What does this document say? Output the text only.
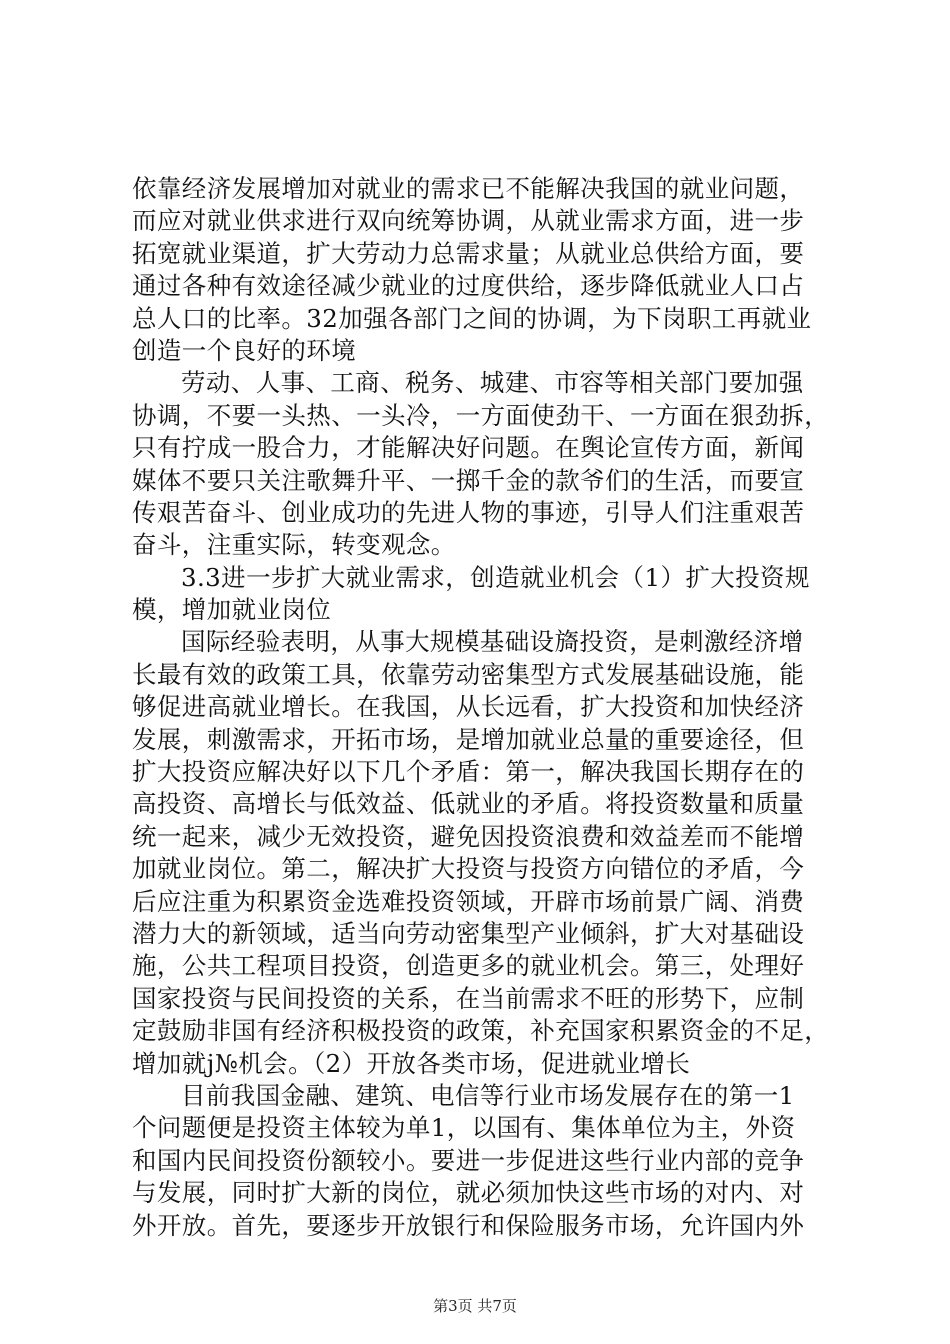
依靠经济发展增加对就业的需求已不能解决我国的就业问题，
而应对就业供求进行双向统筹协调，从就业需求方面，进一步
拓宽就业渠道，扩大劳动力总需求量；从就业总供给方面，要
通过各种有效途径减少就业的过度供给，逐步降低就业人口占
总人口的比率。32加强各部门之间的协调，为下岗职工再就业
创造一个良好的环境
劳动、人事、工商、税务、城建、市容等相关部门要加强
协调，不要一头热、一头冷，一方面使劲干、一方面在狠劲拆，
只有拧成一股合力，才能解决好问题。在舆论宣传方面，新闻
媒体不要只关注歌舞升平、一掷千金的款爷们的生活，而要宣
传艰苦奋斗、创业成功的先进人物的事迹，引导人们注重艰苦
奋斗，注重实际，转变观念。
3.3进一步扩大就业需求，创造就业机会（1）扩大投资规
模，增加就业岗位
国际经验表明，从事大规模基础设旖投资，是刺激经济增
长最有效的政策工具，依靠劳动密集型方式发展基础设施，能
够促进高就业增长。在我国，从长远看，扩大投资和加快经济
发展，刺激需求，开拓市场，是增加就业总量的重要途径，但
扩大投资应解决好以下几个矛盾：第一，解决我国长期存在的
高投资、高增长与低效益、低就业的矛盾。将投资数量和质量
统一起来，减少无效投资，避免因投资浪费和效益差而不能增
加就业岗位。第二，解决扩大投资与投资方向错位的矛盾，今
后应注重为积累资金选难投资领域，开辟市场前景广阔、消费
潜力大的新领域，适当向劳动密集型产业倾斜，扩大对基础设
施，公共工程项目投资，创造更多的就业机会。第三，处理好
国家投资与民间投资的关系，在当前需求不旺的形势下，应制
定鼓励非国有经济积极投资的政策，补充国家积累资金的不足，
增加就j№机会。（2）开放各类市场，促进就业增长
目前我国金融、建筑、电信等行业市场发展存在的第一1
个问题便是投资主体较为单1，以国有、集体单位为主，外资
和国内民间投资份额较小。要进一步促进这些行业内部的竞争
与发展，同时扩大新的岗位，就必须加快这些市场的对内、对
外开放。首先，要逐步开放银行和保险服务市场，允许国内外
第3页 共7页
